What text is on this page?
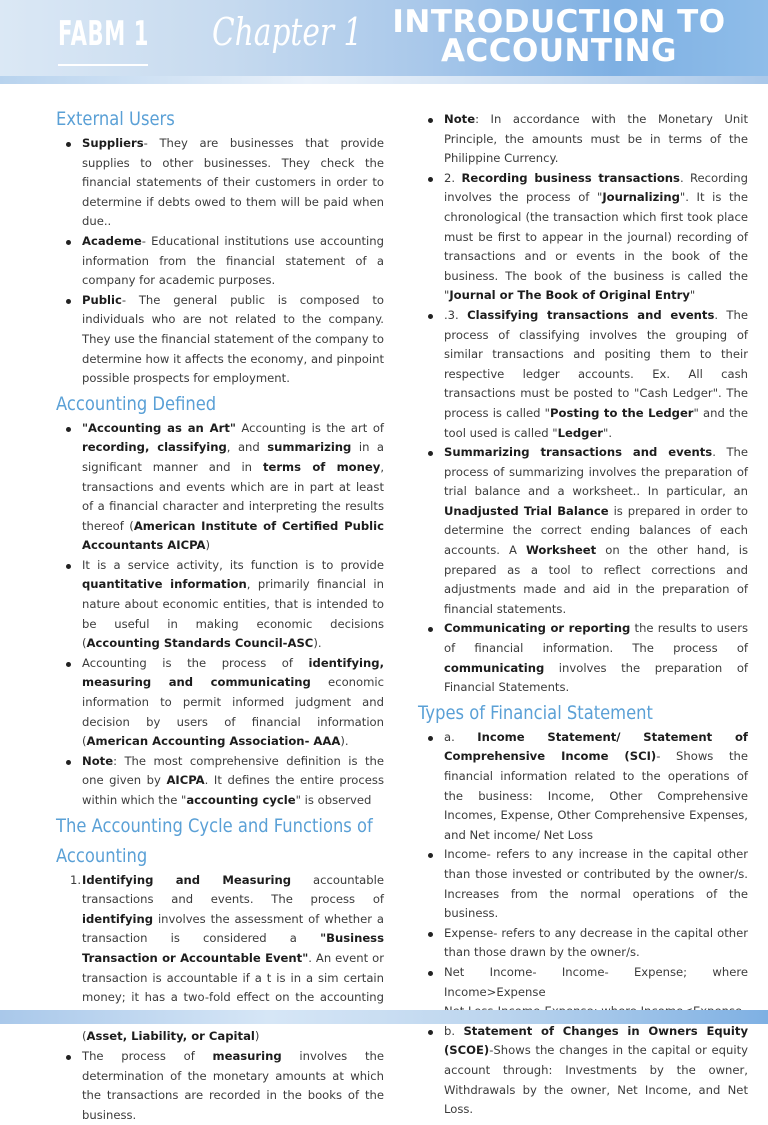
FABM 1 Chapter 1 INTRODUCTION TO ACCOUNTING
External Users
Suppliers- They are businesses that provide supplies to other businesses. They check the financial statements of their customers in order to determine if debts owed to them will be paid when due..
Academe- Educational institutions use accounting information from the financial statement of a company for academic purposes.
Public- The general public is composed to individuals who are not related to the company. They use the financial statement of the company to determine how it affects the economy, and pinpoint possible prospects for employment.
Accounting Defined
"Accounting as an Art" Accounting is the art of recording, classifying, and summarizing in a significant manner and in terms of money, transactions and events which are in part at least of a financial character and interpreting the results thereof (American Institute of Certified Public Accountants AICPA)
It is a service activity, its function is to provide quantitative information, primarily financial in nature about economic entities, that is intended to be useful in making economic decisions (Accounting Standards Council-ASC).
Accounting is the process of identifying, measuring and communicating economic information to permit informed judgment and decision by users of financial information (American Accounting Association- AAA).
Note: The most comprehensive definition is the one given by AICPA. It defines the entire process within which the "accounting cycle" is observed
The Accounting Cycle and Functions of Accounting
1. Identifying and Measuring accountable transactions and events. The process of identifying involves the assessment of whether a transaction is considered a "Business Transaction or Accountable Event". An event or transaction is accountable if a t is in a sim certain money; it has a two-fold effect on the accounting (Asset, Liability, or Capital)
The process of measuring involves the determination of the monetary amounts at which the transactions are recorded in the books of the business.
Note: In accordance with the Monetary Unit Principle, the amounts must be in terms of the Philippine Currency.
2. Recording business transactions. Recording involves the process of "Journalizing". It is the chronological (the transaction which first took place must be first to appear in the journal) recording of transactions and or events in the book of the business. The book of the business is called the "Journal or The Book of Original Entry"
.3. Classifying transactions and events. The process of classifying involves the grouping of similar transactions and positing them to their respective ledger accounts. Ex. All cash transactions must be posted to "Cash Ledger". The process is called "Posting to the Ledger" and the tool used is called "Ledger".
Summarizing transactions and events. The process of summarizing involves the preparation of trial balance and a worksheet.. In particular, an Unadjusted Trial Balance is prepared in order to determine the correct ending balances of each accounts. A Worksheet on the other hand, is prepared as a tool to reflect corrections and adjustments made and aid in the preparation of financial statements.
Communicating or reporting the results to users of financial information. The process of communicating involves the preparation of Financial Statements.
Types of Financial Statement
a. Income Statement/ Statement of Comprehensive Income (SCI)- Shows the financial information related to the operations of the business: Income, Other Comprehensive Incomes, Expense, Other Comprehensive Expenses, and Net income/ Net Loss
Income- refers to any increase in the capital other than those invested or contributed by the owner/s. Increases from the normal operations of the business.
Expense- refers to any decrease in the capital other than those drawn by the owner/s.
Net Income- Income- Expense; where Income>Expense
b. Statement of Changes in Owners Equity (SCOE)-Shows the changes in the capital or equity account through: Investments by the owner, Withdrawals by the owner, Net Income, and Net Loss.
